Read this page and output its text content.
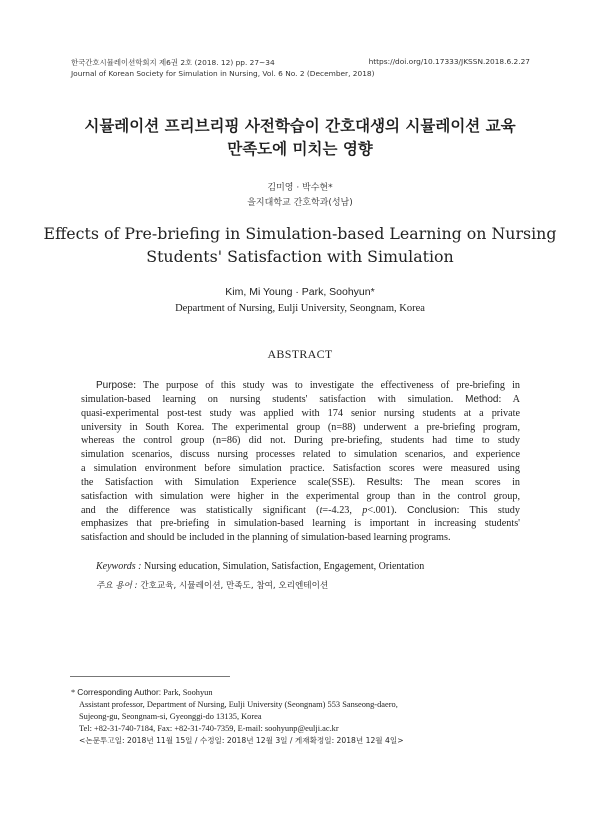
한국간호시뮬레이션학회지 제6권 2호 (2018. 12) pp. 27~34	https://doi.org/10.17333/JKSSN.2018.6.2.27
Journal of Korean Society for Simulation in Nursing, Vol. 6 No. 2 (December, 2018)
시뮬레이션 프리브리핑 사전학습이 간호대생의 시뮬레이션 교육
만족도에 미치는 영향
김미영 · 박수현*
을지대학교 간호학과(성남)
Effects of Pre-briefing in Simulation-based Learning on Nursing
Students' Satisfaction with Simulation
Kim, Mi Young · Park, Soohyun*
Department of Nursing, Eulji University, Seongnam, Korea
ABSTRACT
Purpose: The purpose of this study was to investigate the effectiveness of pre-briefing in
simulation-based learning on nursing students' satisfaction with simulation. Method: A
quasi-experimental post-test study was applied with 174 senior nursing students at a private
university in South Korea. The experimental group (n=88) underwent a pre-briefing program,
whereas the control group (n=86) did not. During pre-briefing, students had time to study
simulation scenarios, discuss nursing processes related to simulation scenarios, and experience
a simulation environment before simulation practice. Satisfaction scores were measured using
the Satisfaction with Simulation Experience scale(SSE). Results: The mean scores in
satisfaction with simulation were higher in the experimental group than in the control group,
and the difference was statistically significant (t=-4.23, p<.001). Conclusion: This study
emphasizes that pre-briefing in simulation-based learning is important in increasing students'
satisfaction and should be included in the planning of simulation-based learning programs.
Keywords : Nursing education, Simulation, Satisfaction, Engagement, Orientation
주요 용어 : 간호교육, 시뮬레이션, 만족도, 참여, 오리엔테이션
* Corresponding Author: Park, Soohyun
Assistant professor, Department of Nursing, Eulji University (Seongnam) 553 Sanseong-daero,
Sujeong-gu, Seongnam-si, Gyeonggi-do 13135, Korea
Tel: +82-31-740-7184, Fax: +82-31-740-7359, E-mail: soohyunp@eulji.ac.kr
<논문투고일: 2018년 11월 15일 / 수정일: 2018년 12월 3일 / 게재확정일: 2018년 12월 4일>
